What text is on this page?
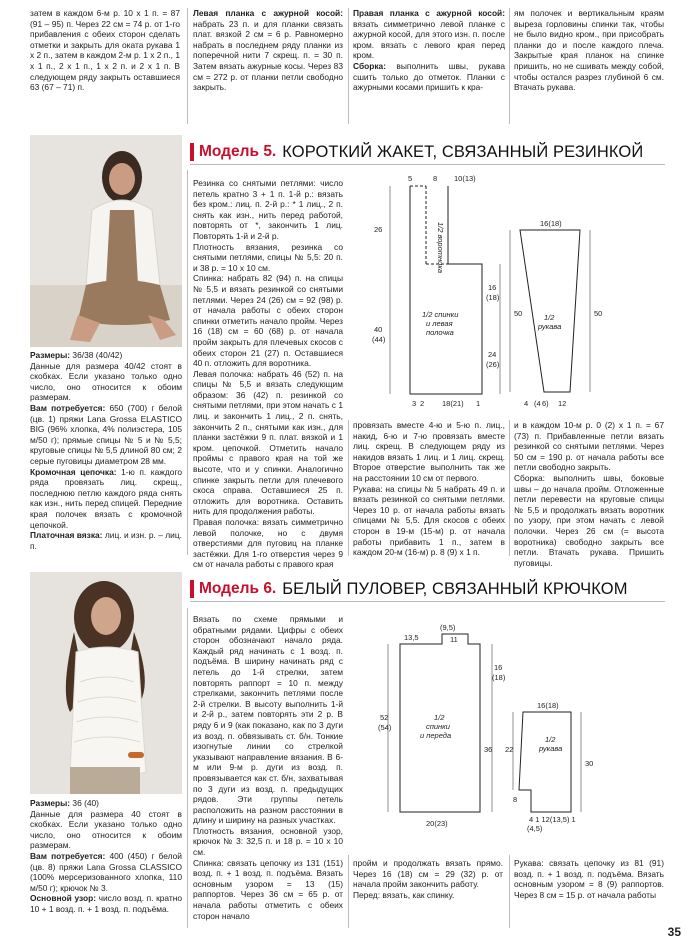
затем в каждом 6-м р. 10 х 1 п. = 87 (91 – 95) п. Через 22 см = 74 р. от 1-го прибавления с обеих сторон сделать отметки и закрыть для оката рукава 1 х 2 п., затем в каждом 2-м р. 1 х 2 п., 1 х 1 п., 2 х 1 п., 1 х 2 п. и 2 х 1 п. В следующем ряду закрыть оставшиеся 63 (67 – 71) п.
Левая планка с ажурной косой: набрать 23 п. и для планки связать плат. вязкой 2 см = 6 р. Равномерно набрать в последнем ряду планки из поперечной нити 7 скрещ. п. = 30 п. Затем вязать ажурные косы. Через 83 см = 272 р. от планки петли свободно закрыть.
Правая планка с ажурной косой: вязать симметрично левой планке с ажурной косой, для этого изн. п. после кром. вязать с левого края перед кром.
Сборка: выполнить швы, рукава сшить только до отметок. Планки с ажурными косами пришить к кра-
ям полочек и вертикальным краям выреза горловины спинки так, чтобы не было видно кром., при присобрать планки до и после каждого плеча. Закрытые края планок на спинке пришить, но не сшивать между собой, чтобы остался разрез глубиной 6 см. Втачать рукава.
Модель 5. КОРОТКИЙ ЖАКЕТ, СВЯЗАННЫЙ РЕЗИНКОЙ
Размеры: 36/38 (40/42)
Данные для размера 40/42 стоят в скобках. Если указано только одно число, оно относится к обоим размерам.
Вам потребуется: 650 (700) г белой (цв. 1) пряжи Lana Grossa ELASTICO BIG (96% хлопка, 4% полиэстера, 105 м/50 г); прямые спицы № 5 и № 5,5; круговые спицы № 5,5 длиной 80 см; 2 серые пуговицы диаметром 28 мм.
Кромочная цепочка: 1-ю п. каждого ряда провязать лиц. скрещ., последнюю петлю каждого ряда снять как изн., нить перед спицей. Передние края полочек вязать с кромочной цепочкой.
Платочная вязка: лиц. и изн. р. – лиц. п.
Резинка со снятыми петлями: число петель кратно 3 + 1 п. 1-й р.: вязать без кром.: лиц. п. 2-й р.: * 1 лиц., 2 п. снять как изн., нить перед работой, повторять от *, закончить 1 лиц. Повторять 1-й и 2-й р.
Плотность вязания, резинка со снятыми петлями, спицы № 5,5: 20 п. и 38 р. = 10 х 10 см.
Спинка: набрать 82 (94) п. на спицы № 5,5 и вязать резинкой со снятыми петлями. Через 24 (26) см = 92 (98) р. от начала работы с обеих сторон спинки отметить начало пройм. Через 16 (18) см = 60 (68) р. от начала пройм закрыть для плечевых скосов с обеих сторон 21 (27) п. Оставшиеся 40 п. отложить для воротника.
Левая полочка: набрать 46 (52) п. на спицы № 5,5 и вязать следующим образом: 36 (42) п. резинкой со снятыми петлями, при этом начать с 1 лиц. и закончить 1 лиц., 2 п. снять, закончить 2 п., снятыми как изн., для планки застёжки 9 п. плат. вязкой и 1 кром. цепочкой. Отметить начало проймы с правого края на той же высоте, что и у спинки. Аналогично спинке закрыть петли для плечевого скоса справа. Оставшиеся 25 п. отложить для воротника. Оставить нить для продолжения работы.
Правая полочка: вязать симметрично левой полочке, но с двумя отверстиями для пуговиц на планке застёжки. Для 1-го отверстия через 9 см от начала работы с правого края
провязать вместе 4-ю и 5-ю п. лиц., накид, 6-ю и 7-ю провязать вместе лиц. скрещ. В следующем ряду из накидов вязать 1 лиц. и 1 лиц. скрещ. Второе отверстие выполнить так же на расстоянии 10 см от первого.
Рукава: на спицы № 5 набрать 49 п. и вязать резинкой со снятыми петлями. Через 10 р. от начала работы вязать спицами № 5,5. Для скосов с обеих сторон в 19-м (15-м) р. от начала работы прибавить 1 п., затем в каждом 20-м (16-м) р. 8 (9) х 1 п.
и в каждом 10-м р. 0 (2) х 1 п. = 67 (73) п. Прибавленные петли вязать резинкой со снятыми петлями. Через 50 см = 190 р. от начала работы все петли свободно закрыть.
Сборка: выполнить швы, боковые швы – до начала пройм. Отложенные петли перевести на круговые спицы № 5,5 и продолжать вязать воротник по узору, при этом начать с левой полочки. Через 26 см (= высота воротника) свободно закрыть все петли. Втачать рукава. Пришить пуговицы.
5	8 10(13)
1/2 воротника
26
16
(18)
40
(44)
24
(26)
1/2 спинки и левая полочка
3 2 18(21) 1
16(18)
1/2 рукава
50	50
4 (4 6) 12
Модель 6. БЕЛЫЙ ПУЛОВЕР, СВЯЗАННЫЙ КРЮЧКОМ
Размеры: 36 (40)
Данные для размера 40 стоят в скобках. Если указано только одно число, оно относится к обоим размерам.
Вам потребуется: 400 (450) г белой (цв. 8) пряжи Lana Grossa CLASSICO (100% мерсеризованного хлопка, 110 м/50 г); крючок № 3.
Основной узор: число возд. п. кратно 10 + 1 возд. п. + 1 возд. п. подъёма.
Вязать по схеме прямыми и обратными рядами. Цифры с обеих сторон обозначают начало ряда. Каждый ряд начинать с 1 возд. п. подъёма. В ширину начинать ряд с петель до 1-й стрелки, затем повторять раппорт = 10 п. между стрелками, закончить петлями после 2-й стрелки. В высоту выполнить 1-й и 2-й р., затем повторять эти 2 р. В ряду 6 и 9 (как показано, как по 3 дуги из возд. п. обвязывать ст. б/н. Тонкие изогнутые линии со стрелкой указывают направление вязания. В 6-м или 9-м р. дуги из возд. п. провязывается как ст. б/н, захватывая по 3 дуги из возд. п. предыдущих рядов. Эти группы петель расположить на разном расстоянии в длину и ширину на разных участках.
Плотность вязания, основной узор, крючок № 3: 32,5 п. и 18 р. = 10 х 10 см.
Спинка: связать цепочку из 131 (151) возд. п. + 1 возд. п. подъёма. Вязать основным узором = 13 (15) раппортов. Через 36 см = 65 р. от начала работы отметить с обеих сторон начало
пройм и продолжать вязать прямо. Через 16 (18) см = 29 (32) р. от начала пройм закончить работу.
Перед: вязать, как спинку.
Рукава: связать цепочку из 81 (91) возд. п. + 1 возд. п. подъёма. Вязать основным узором = 8 (9) раппортов. Через 8 см = 15 р. от начала работы
(9,5)
11
13,5
16
(18)
52
(54)
36
1/2 спинки и переда
20(23)
16(18)
1/2 рукава
22
8
30
4 1 12(13,5) 1
(4,5)
35
